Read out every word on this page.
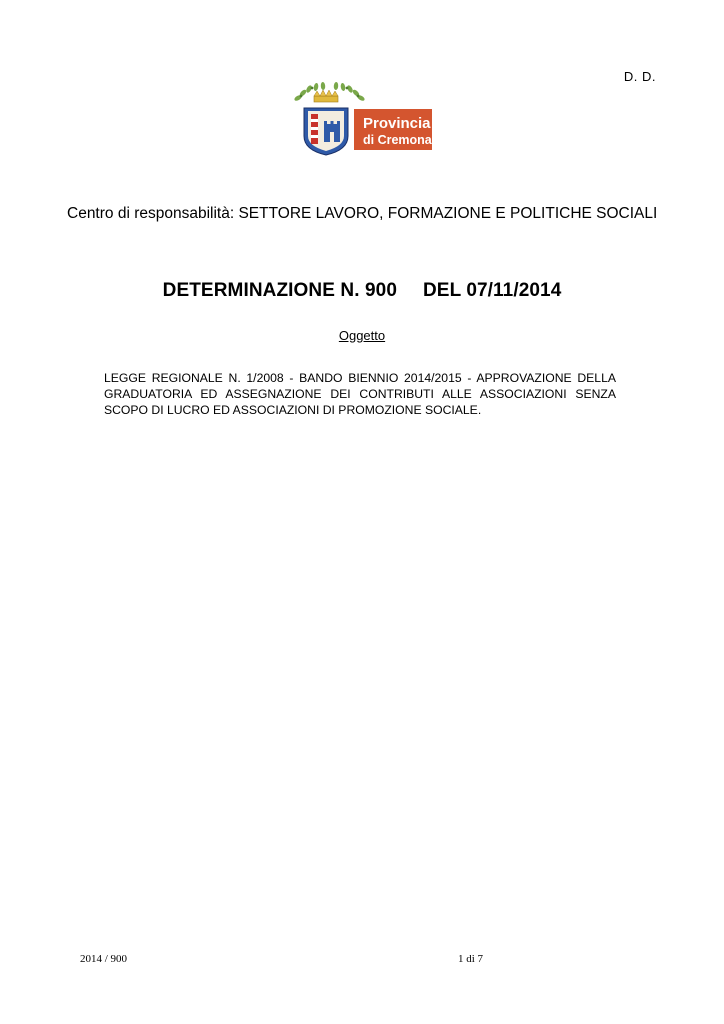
D. D.
Provincia
di Cremona
Centro di responsabilità: SETTORE LAVORO, FORMAZIONE E POLITICHE SOCIALI
DETERMINAZIONE N. 900 DEL 07/11/2014
Oggetto
LEGGE REGIONALE N. 1/2008 - BANDO BIENNIO 2014/2015 - APPROVAZIONE DELLA GRADUATORIA ED ASSEGNAZIONE DEI CONTRIBUTI ALLE ASSOCIAZIONI SENZA SCOPO DI LUCRO ED ASSOCIAZIONI DI PROMOZIONE SOCIALE.
2014 / 900	1 di 7
